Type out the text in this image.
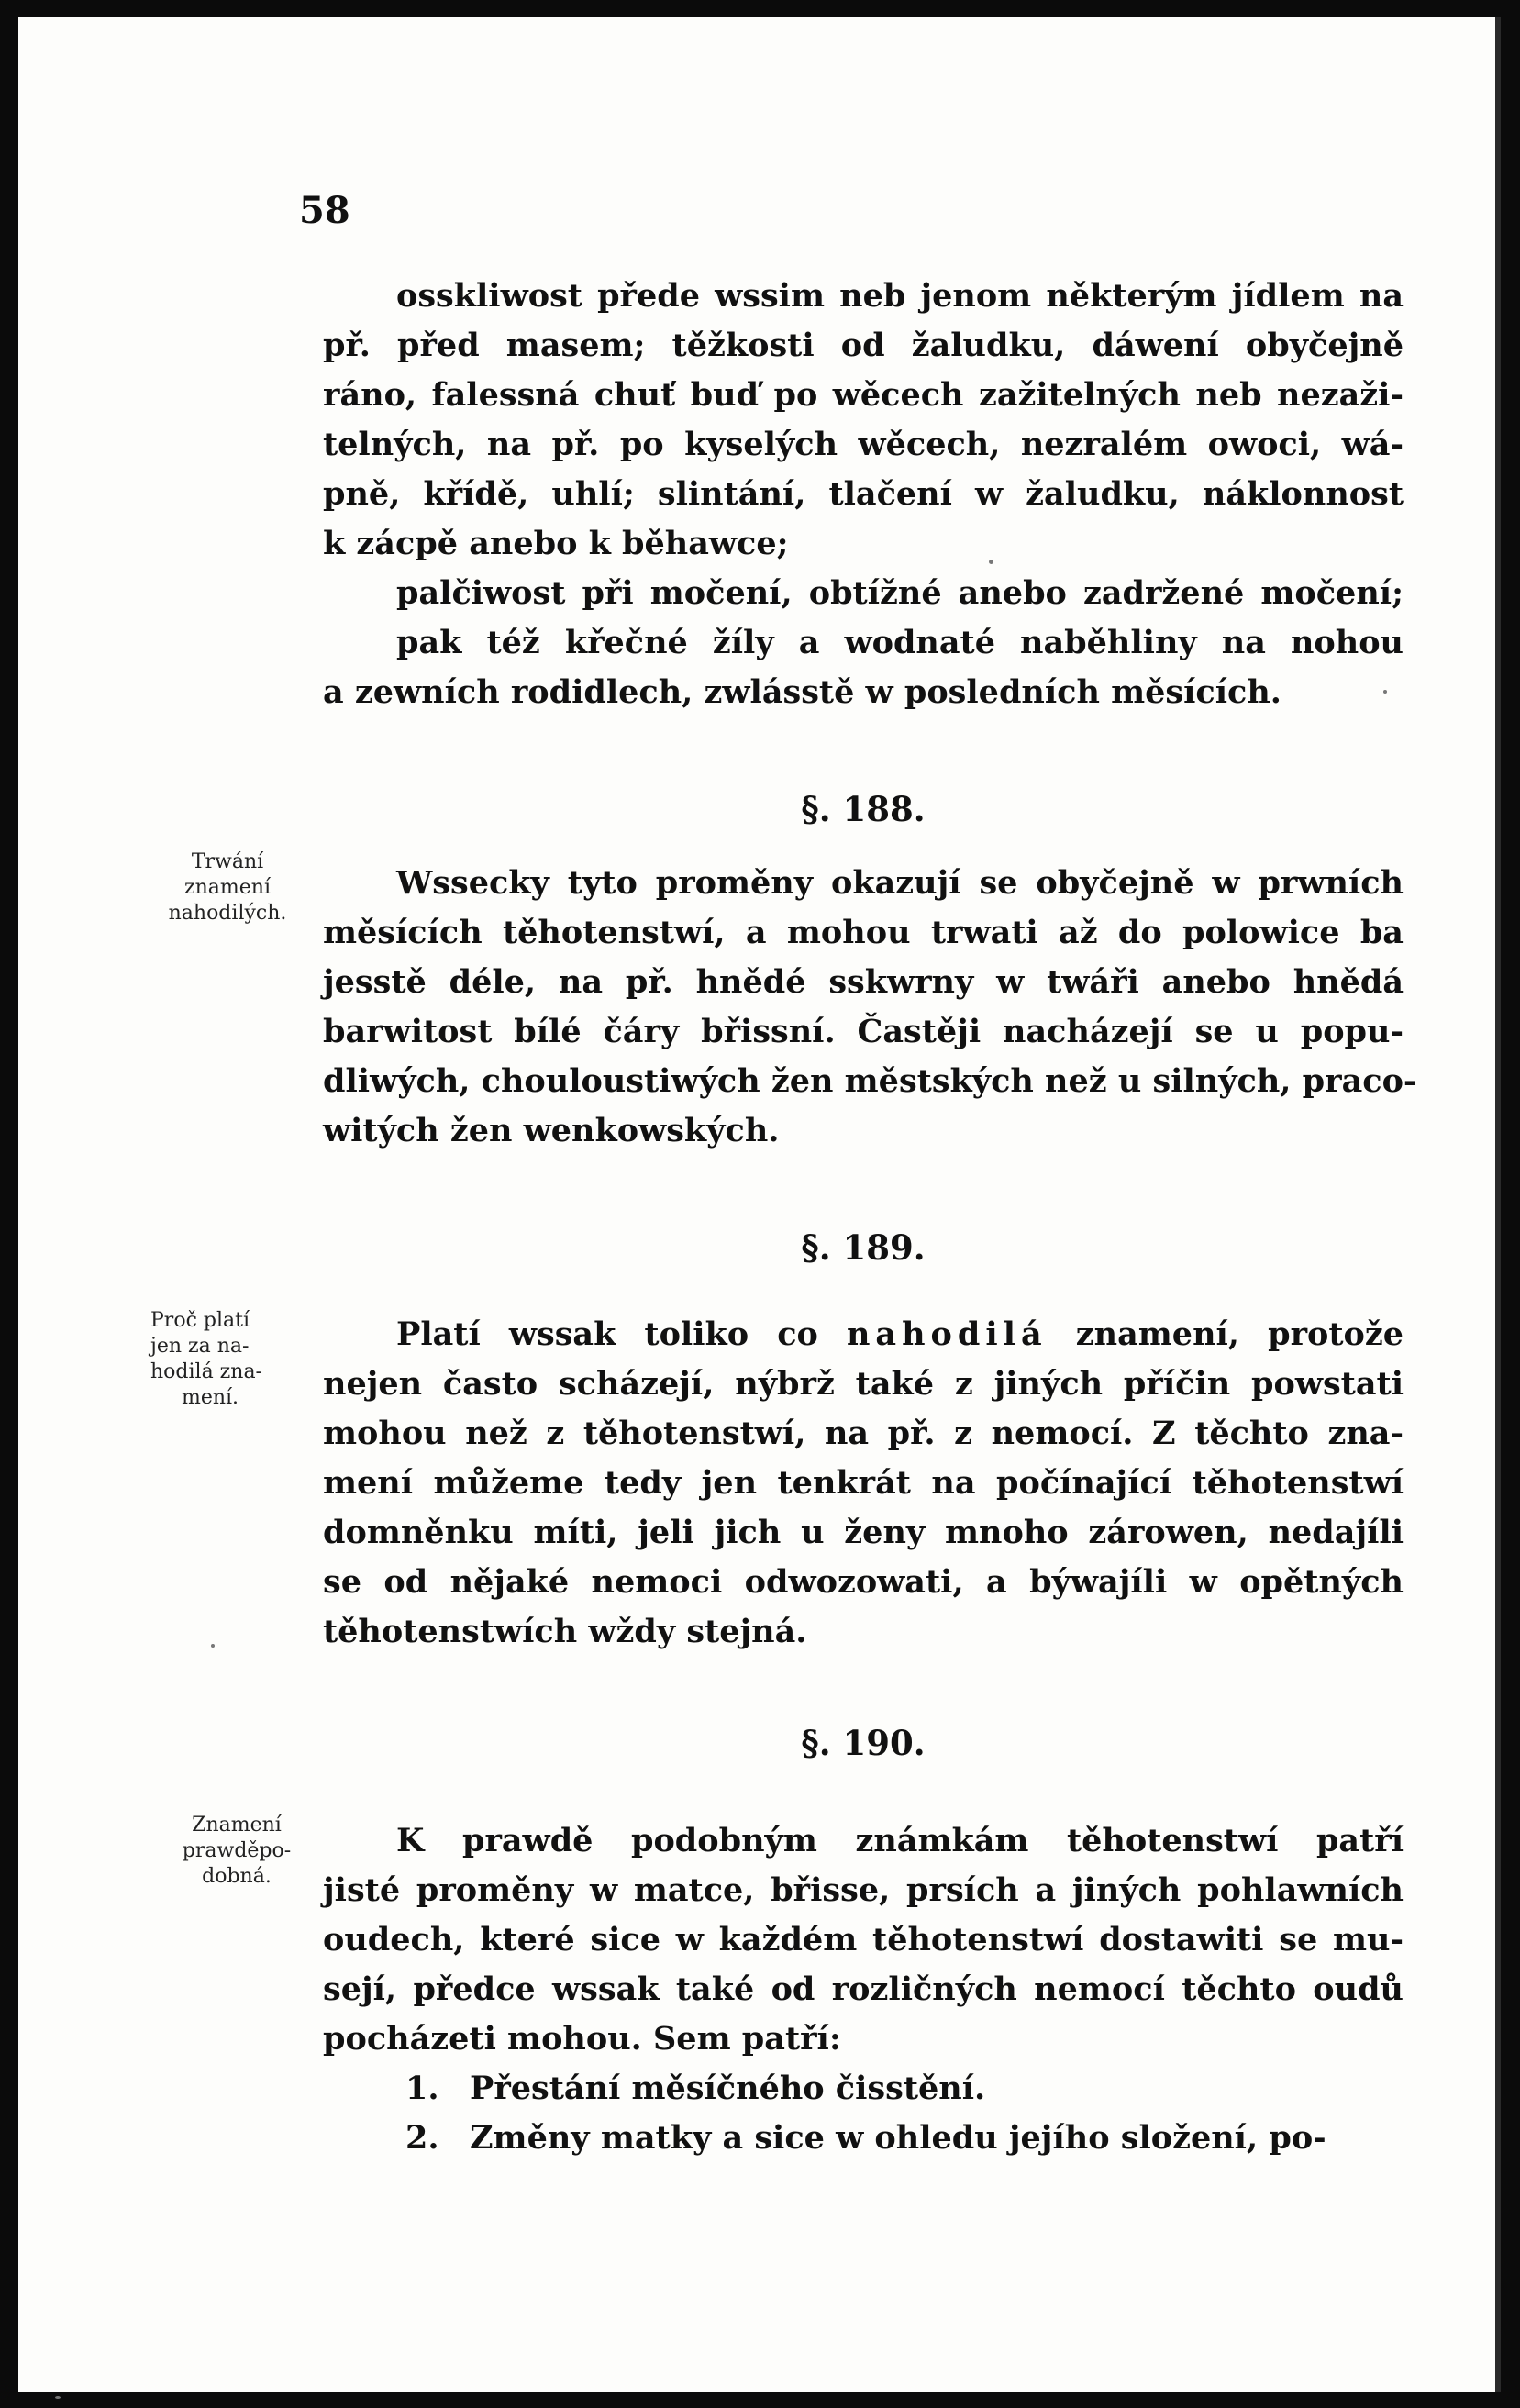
58
osskliwost přede wssim neb jenom některým jídlem na
př. před masem; těžkosti od žaludku, dáwení obyčejně
ráno, falessná chuť buď po wěcech zažitelných neb nezaži-
telných, na př. po kyselých wěcech, nezralém owoci, wá-
pně, křídě, uhlí; slintání, tlačení w žaludku, náklonnost
k zácpě anebo k běhawce;
palčiwost při močení, obtížné anebo zadržené močení;
pak též křečné žíly a wodnaté naběhliny na nohou
a zewních rodidlech, zwlásstě w posledních měsících.
§. 188.
Trwání
znamení
nahodilých.
Wssecky tyto proměny okazují se obyčejně w prwních
měsících těhotenstwí, a mohou trwati až do polowice ba
jesstě déle, na př. hnědé sskwrny w twáři anebo hnědá
barwitost bílé čáry břissní. Častěji nacházejí se u popu-
dliwých, chouloustiwých žen městských než u silných, praco-
witých žen wenkowských.
§. 189.
Proč platí
jen za na-
hodilá zna-
mení.
Platí wssak toliko co nahodilá znamení, protože
nejen často scházejí, nýbrž také z jiných příčin powstati
mohou než z těhotenstwí, na př. z nemocí. Z těchto zna-
mení můžeme tedy jen tenkrát na počínající těhotenstwí
domněnku míti, jeli jich u ženy mnoho zárowen, nedajíli
se od nějaké nemoci odwozowati, a býwajíli w opětných
těhotenstwích wždy stejná.
§. 190.
Znamení
prawděpo-
dobná.
K prawdě podobným známkám těhotenstwí patří
jisté proměny w matce, břisse, prsích a jiných pohlawních
oudech, které sice w každém těhotenstwí dostawiti se mu-
sejí, předce wssak také od rozličných nemocí těchto oudů
pocházeti mohou. Sem patří:
1. Přestání měsíčného čisstění.
2. Změny matky a sice w ohledu jejího složení, po-
